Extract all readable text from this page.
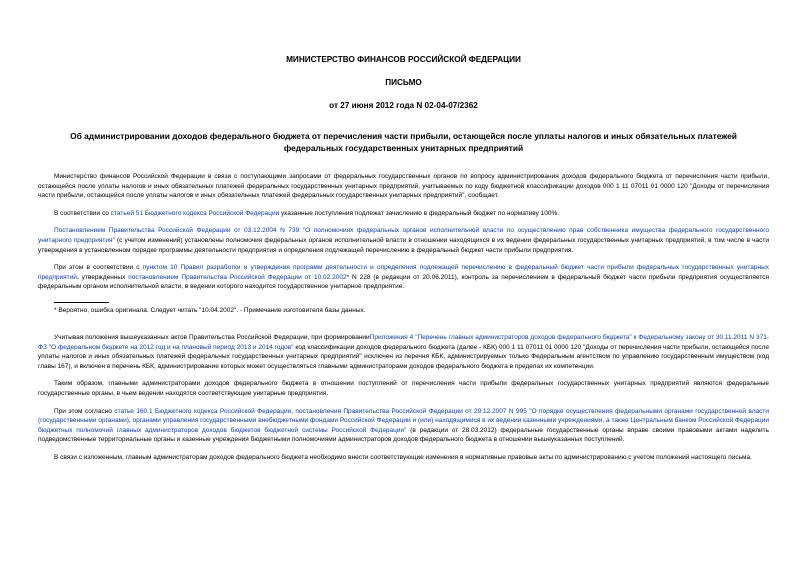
МИНИСТЕРСТВО ФИНАНСОВ РОССИЙСКОЙ ФЕДЕРАЦИИ
ПИСЬМО
от 27 июня 2012 года N 02-04-07/2362
Об администрировании доходов федерального бюджета от перечисления части прибыли, остающейся после уплаты налогов и иных обязательных платежей федеральных государственных унитарных предприятий

Министерство финансов Российской Федерации в связи с поступающими запросами от федеральных государственных органов по вопросу администрирования доходов федерального бюджета от перечисления части прибыли, остающейся после уплаты налогов и иных обязательных платежей федеральных государственных унитарных предприятий, учитываемых по коду бюджетной классификации доходов 000 1 11 07011 01 0000 120 "Доходы от перечисления части прибыли, остающейся после уплаты налогов и иных обязательных платежей федеральных государственных унитарных предприятий", сообщает.

В соответствии со статьей 51 Бюджетного кодекса Российской Федерации указанные поступления подлежат зачислению в федеральный бюджет по нормативу 100%.

Постановлением Правительства Российской Федерации от 03.12.2004 N 739 "О полномочиях федеральных органов исполнительной власти по осуществлению прав собственника имущества федерального государственного унитарного предприятия" (с учетом изменений) установлены полномочия федеральных органов исполнительной власти в отношении находящихся в их ведении федеральных государственных унитарных предприятий, в том числе в части утверждения в установленном порядке программы деятельности предприятия и определения подлежащей перечислению в федеральный бюджет части прибыли предприятия.

При этом в соответствии с пунктом 10 Правил разработки и утверждения программ деятельности и определения подлежащей перечислению в федеральный бюджет части прибыли федеральных государственных унитарных предприятий, утвержденных постановлением Правительства Российской Федерации от 10.02.2002* N 228 (в редакции от 20.06.2011), контроль за перечислением в федеральный бюджет части прибыли предприятия осуществляется федеральным органом исполнительной власти, в ведении которого находится государственное унитарное предприятие.

* Вероятно, ошибка оригинала. Следует читать "10.04.2002". - Примечание изготовителя базы данных.

Учитывая положения вышеуказанных актов Правительства Российской Федерации, при формированииПриложения 4 "Перечень главных администраторов доходов федерального бюджета" к Федеральному закону от 30.11.2011 N 371-ФЗ "О федеральном бюджете на 2012 год и на плановый период 2013 и 2014 годов" код классификации доходов федерального бюджета (далее - КБК) 000 1 11 07011 01 0000 120 "Доходы от перечисления части прибыли, остающейся после уплаты налогов и иных обязательных платежей федеральных государственных унитарных предприятий" исключен из перечня КБК, администрируемых только Федеральным агентством по управлению государственным имуществом (код главы 167), и включен в перечень КБК, администрирование которых может осуществляться главными администраторами доходов федерального бюджета в пределах их компетенции.

Таким образом, главными администраторами доходов федерального бюджета в отношении поступлений от перечисления части прибыли федеральных государственных унитарных предприятий являются федеральные государственные органы, в чьем ведении находятся соответствующие унитарные предприятия.

При этом согласно статье 160.1 Бюджетного кодекса Российской Федерации, постановления Правительства Российской Федерации от 29.12.2007 N 995 "О порядке осуществления федеральными органами государственной власти (государственными органами), органами управления государственными внебюджетными фондами Российской Федерации и (или) находящимися в их ведении казенными учреждениями, а также Центральным банком Российской Федерации бюджетных полномочий главных администраторов доходов бюджетов бюджетной системы Российской Федерации" (в редакции от 28.03.2012) федеральные государственные органы вправе своими правовыми актами наделить подведомственные территориальные органы и казенные учреждения бюджетными полномочиями администраторов доходов федерального бюджета в отношении вышеуказанных поступлений.

В связи с изложенным, главным администраторам доходов федерального бюджета необходимо внести соответствующие изменения в нормативные правовые акты по администрированию с учетом положений настоящего письма.
